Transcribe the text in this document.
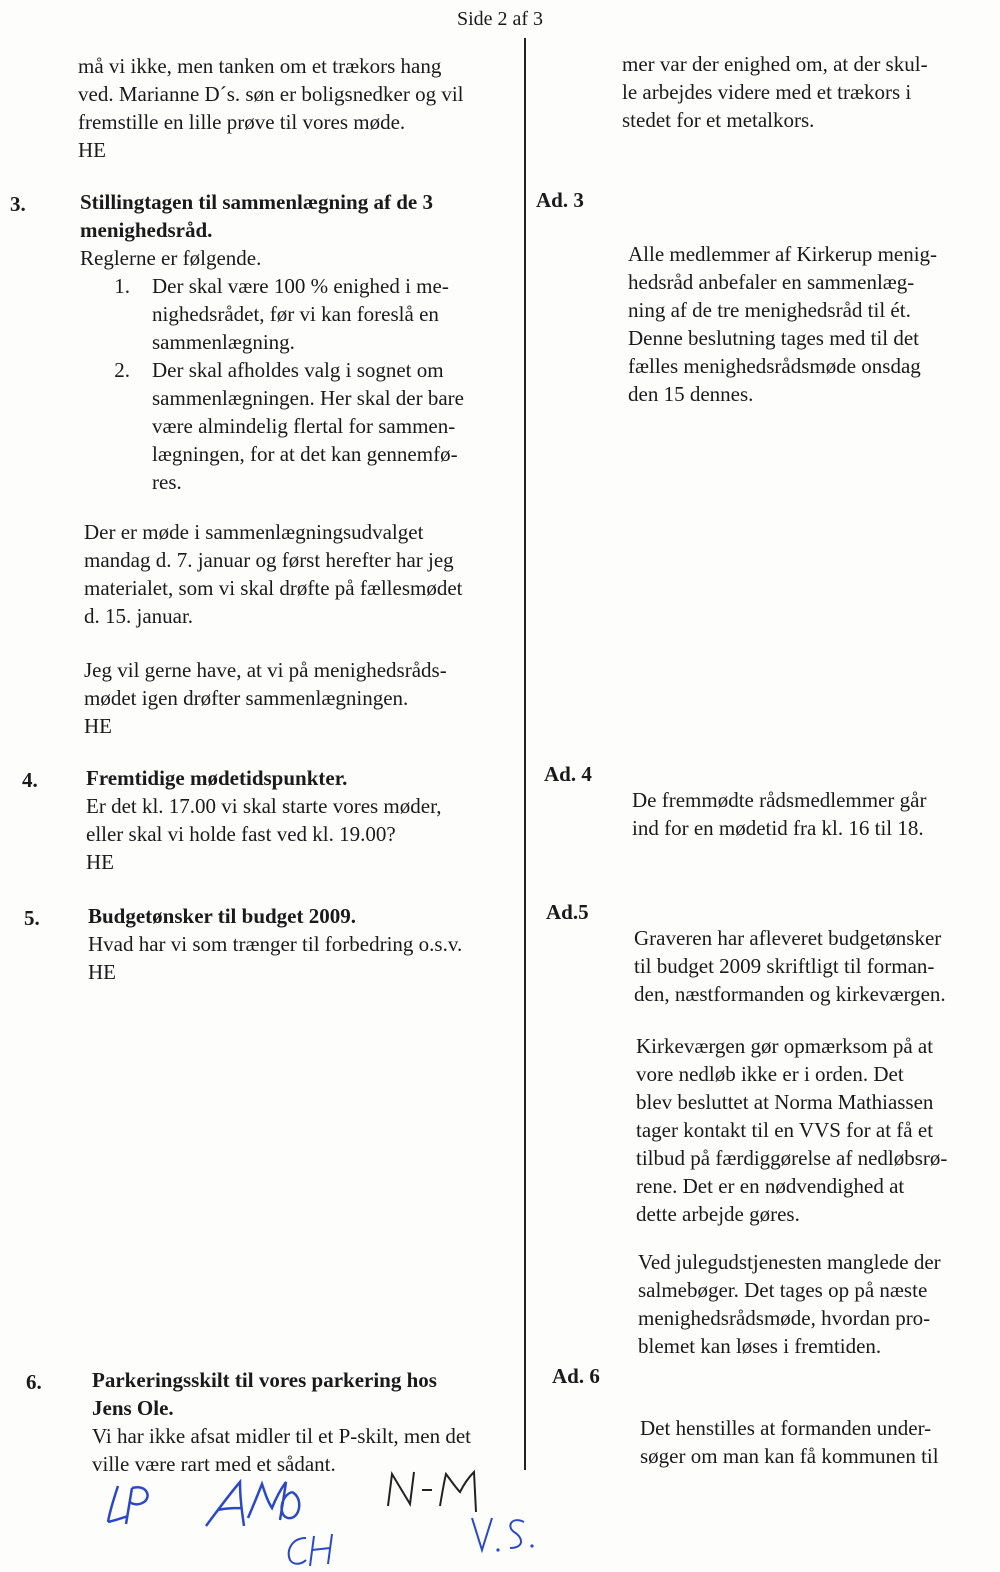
Side 2 af 3
må vi ikke, men tanken om et trækors hang
ved. Marianne D´s. søn er boligsnedker og vil
fremstille en lille prøve til vores møde.
HE
3.	Stillingtagen til sammenlægning af de 3
menighedsråd.
Reglerne er følgende.
1. Der skal være 100 % enighed i me-
nighedsrådet, før vi kan foreslå en
sammenlægning.
2. Der skal afholdes valg i sognet om
sammenlægningen. Her skal der bare
være almindelig flertal for sammen-
lægningen, for at det kan gennemfø-
res.
Der er møde i sammenlægningsudvalget
mandag d. 7. januar og først herefter har jeg
materialet, som vi skal drøfte på fællesmødet
d. 15. januar.
Jeg vil gerne have, at vi på menighedsråds-
mødet igen drøfter sammenlægningen.
HE
4. Fremtidige mødetidspunkter.
Er det kl. 17.00 vi skal starte vores møder,
eller skal vi holde fast ved kl. 19.00?
HE
5. Budgetønsker til budget 2009.
Hvad har vi som trænger til forbedring o.s.v.
HE
6. Parkeringsskilt til vores parkering hos
Jens Ole.
Vi har ikke afsat midler til et P-skilt, men det
ville være rart med et sådant.
mer var der enighed om, at der skul-
le arbejdes videre med et trækors i
stedet for et metalkors.
Ad. 3
Alle medlemmer af Kirkerup menig-
hedsråd anbefaler en sammenlæg-
ning af de tre menighedsråd til ét.
Denne beslutning tages med til det
fælles menighedsrådsmøde onsdag
den 15 dennes.
Ad. 4
De fremmødte rådsmedlemmer går
ind for en mødetid fra kl. 16 til 18.
Ad.5
Graveren har afleveret budgetønsker
til budget 2009 skriftligt til forman-
den, næstformanden og kirkeværgen.
Kirkeværgen gør opmærksom på at
vore nedløb ikke er i orden. Det
blev besluttet at Norma Mathiassen
tager kontakt til en VVS for at få et
tilbud på færdiggørelse af nedløbsrø-
rene. Det er en nødvendighed at
dette arbejde gøres.
Ved julegudstjenesten manglede der
salmebøger. Det tages op på næste
menighedsrådsmøde, hvordan pro-
blemet kan løses i fremtiden.
Ad. 6
Det henstilles at formanden under-
søger om man kan få kommunen til
